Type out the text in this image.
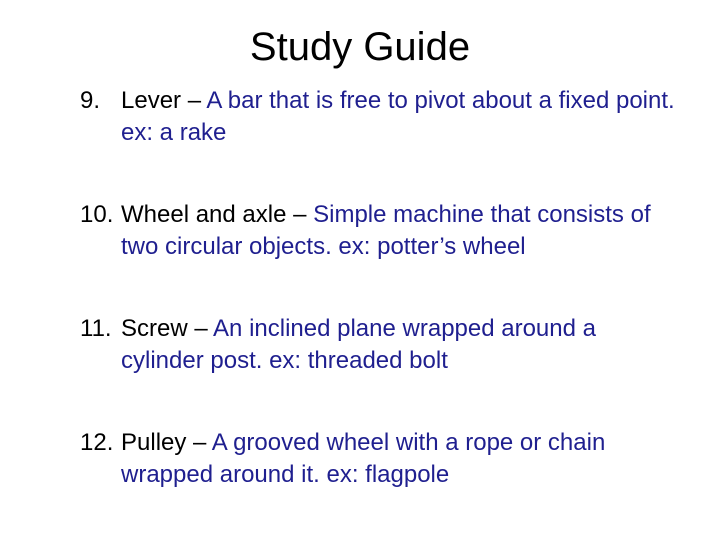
Study Guide
9. Lever – A bar that is free to pivot about a fixed point. ex: a rake
10. Wheel and axle – Simple machine that consists of two circular objects. ex: potter’s wheel
11. Screw – An inclined plane wrapped around a cylinder post. ex: threaded bolt
12. Pulley – A grooved wheel with a rope or chain wrapped around it. ex: flagpole
